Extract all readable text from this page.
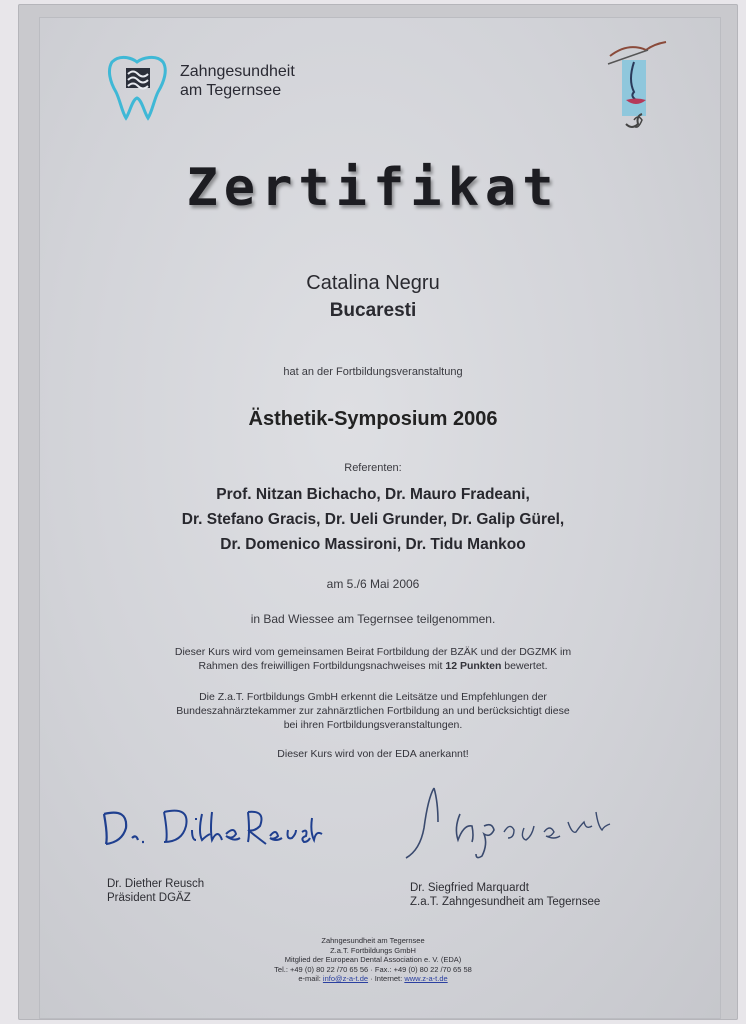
Zahngesundheit
am Tegernsee
Zertifikat
Catalina Negru
Bucaresti
hat an der Fortbildungsveranstaltung
Ästhetik-Symposium 2006
Referenten:
Prof. Nitzan Bichacho, Dr. Mauro Fradeani,
Dr. Stefano Gracis, Dr. Ueli Grunder, Dr. Galip Gürel,
Dr. Domenico Massironi, Dr. Tidu Mankoo
am 5./6 Mai 2006
in Bad Wiessee am Tegernsee teilgenommen.
Dieser Kurs wird vom gemeinsamen Beirat Fortbildung der BZÄK und der DGZMK im
Rahmen des freiwilligen Fortbildungsnachweises mit 12 Punkten bewertet.
Die Z.a.T. Fortbildungs GmbH erkennt die Leitsätze und Empfehlungen der
Bundeszahnärztekammer zur zahnärztlichen Fortbildung an und berücksichtigt diese
bei ihren Fortbildungsveranstaltungen.
Dieser Kurs wird von der EDA anerkannt!
Dr. Diether Reusch
Präsident DGÄZ
Dr. Siegfried Marquardt
Z.a.T. Zahngesundheit am Tegernsee
Zahngesundheit am Tegernsee
Z.a.T. Fortbildungs GmbH
Mitglied der European Dental Association e. V. (EDA)
Tel.: +49 (0) 80 22 /70 65 56 · Fax.: +49 (0) 80 22 /70 65 58
e-mail: info@z-a-t.de · Internet: www.z-a-t.de
